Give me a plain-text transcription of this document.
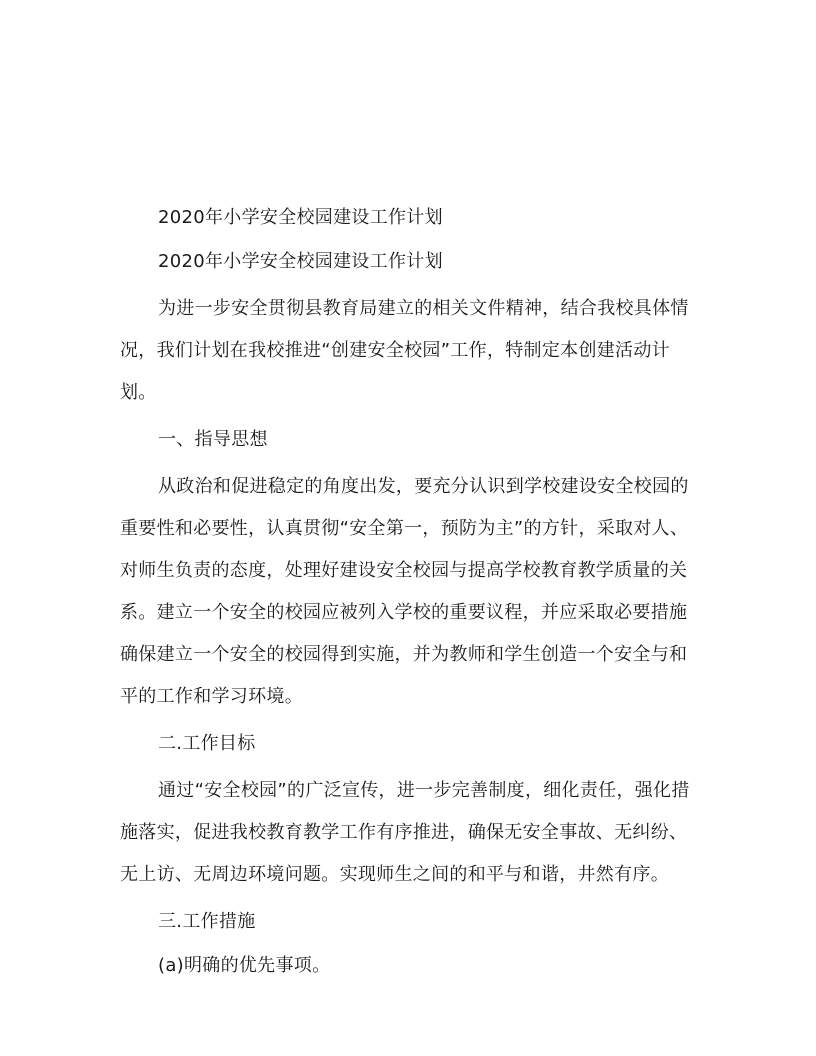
2020年小学安全校园建设工作计划

2020年小学安全校园建设工作计划

为进一步安全贯彻县教育局建立的相关文件精神，结合我校具体情况，我们计划在我校推进“创建安全校园”工作，特制定本创建活动计划。

一、指导思想

从政治和促进稳定的角度出发，要充分认识到学校建设安全校园的重要性和必要性，认真贯彻“安全第一，预防为主”的方针，采取对人、对师生负责的态度，处理好建设安全校园与提高学校教育教学质量的关系。建立一个安全的校园应被列入学校的重要议程，并应采取必要措施确保建立一个安全的校园得到实施，并为教师和学生创造一个安全与和平的工作和学习环境。

二.工作目标

通过“安全校园”的广泛宣传，进一步完善制度，细化责任，强化措施落实，促进我校教育教学工作有序推进，确保无安全事故、无纠纷、无上访、无周边环境问题。实现师生之间的和平与和谐，井然有序。

三.工作措施

(a)明确的优先事项。
